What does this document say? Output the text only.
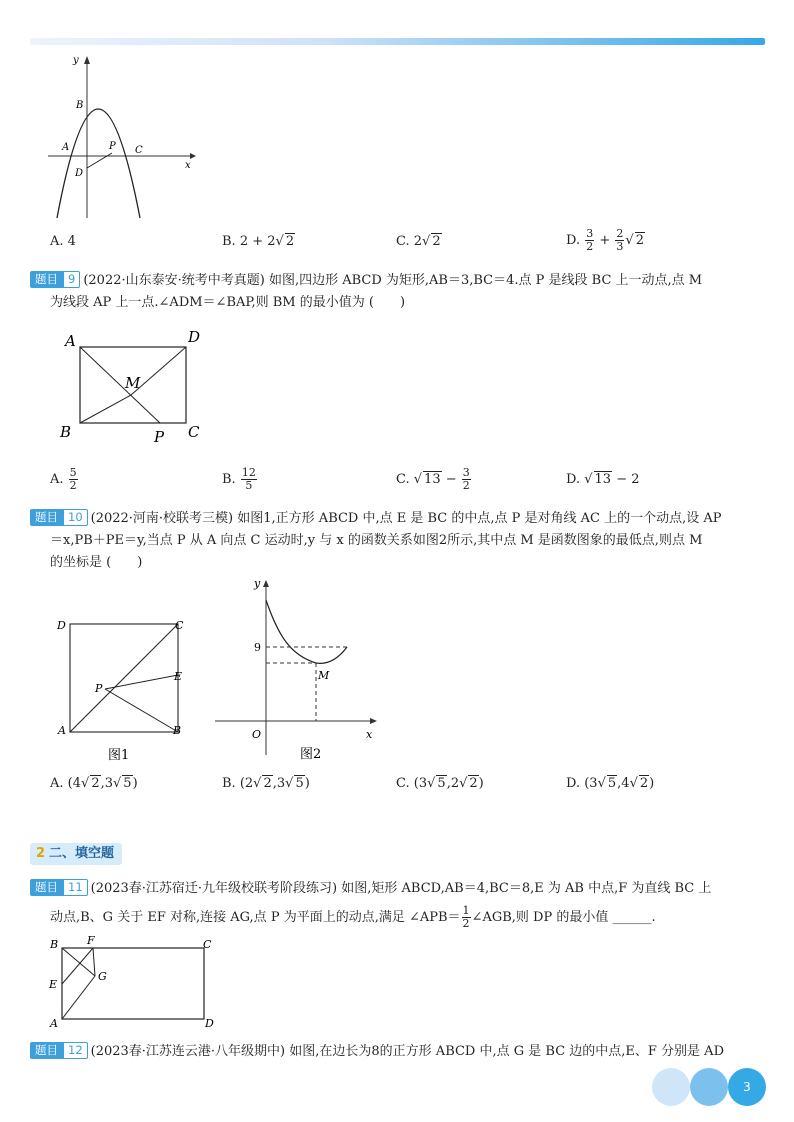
y
x
B
A	P C
D
A. 4	B. 2 + 2√ 2	C. 2√ 2	D. $\frac{3}{2} + \frac{2}{3}$ √ 2
题目 9 (2022·山东泰安·统考中考真题) 如图,四边形 ABCD 为矩形,AB＝3,BC＝4.点 P 是线段 BC 上一动点,点 M
为线段 AP 上一点.∠ADM＝∠BAP,则 BM 的最小值为 (　　)
A	D
M
B	P C
A. $\frac{5}{2}$	B. $\frac{12}{5}$	C. √ $13 - \frac{3}{2}$	D. √ 13 − 2
题目 10 (2022·河南·校联考三模) 如图1,正方形 ABCD 中,点 E 是 BC 的中点,点 P 是对角线 AC 上的一个动点,设 AP
＝x,PB＋PE＝y,当点 P 从 A 向点 C 运动时,y 与 x 的函数关系如图2所示,其中点 M 是函数图象的最低点,则点 M
的坐标是 (　　)
D	C
E
P
A	B
图1
y
9
M
O	x
图2
A. (4√ 2,3√ 5)	B. (2√ 2,3√ 5)	C. (3√ 5,2√ 2)	D. (3√ 5,4√ 2)
2 二、填空题
题目 11 (2023春·江苏宿迁·九年级校联考阶段练习) 如图,矩形 ABCD,AB＝4,BC＝8,E 为 AB 中点,F 为直线 BC 上
动点,B、G 关于 EF 对称,连接 AG,点 P 为平面上的动点,满足 ∠APB＝ $\frac{1}{2}$ ∠AGB,则 DP 的最小值 ______.
B	F	C
G
E
A	D
题目 12 (2023春·江苏连云港·八年级期中) 如图,在边长为8的正方形 ABCD 中,点 G 是 BC 边的中点,E、F 分别是 AD
3
